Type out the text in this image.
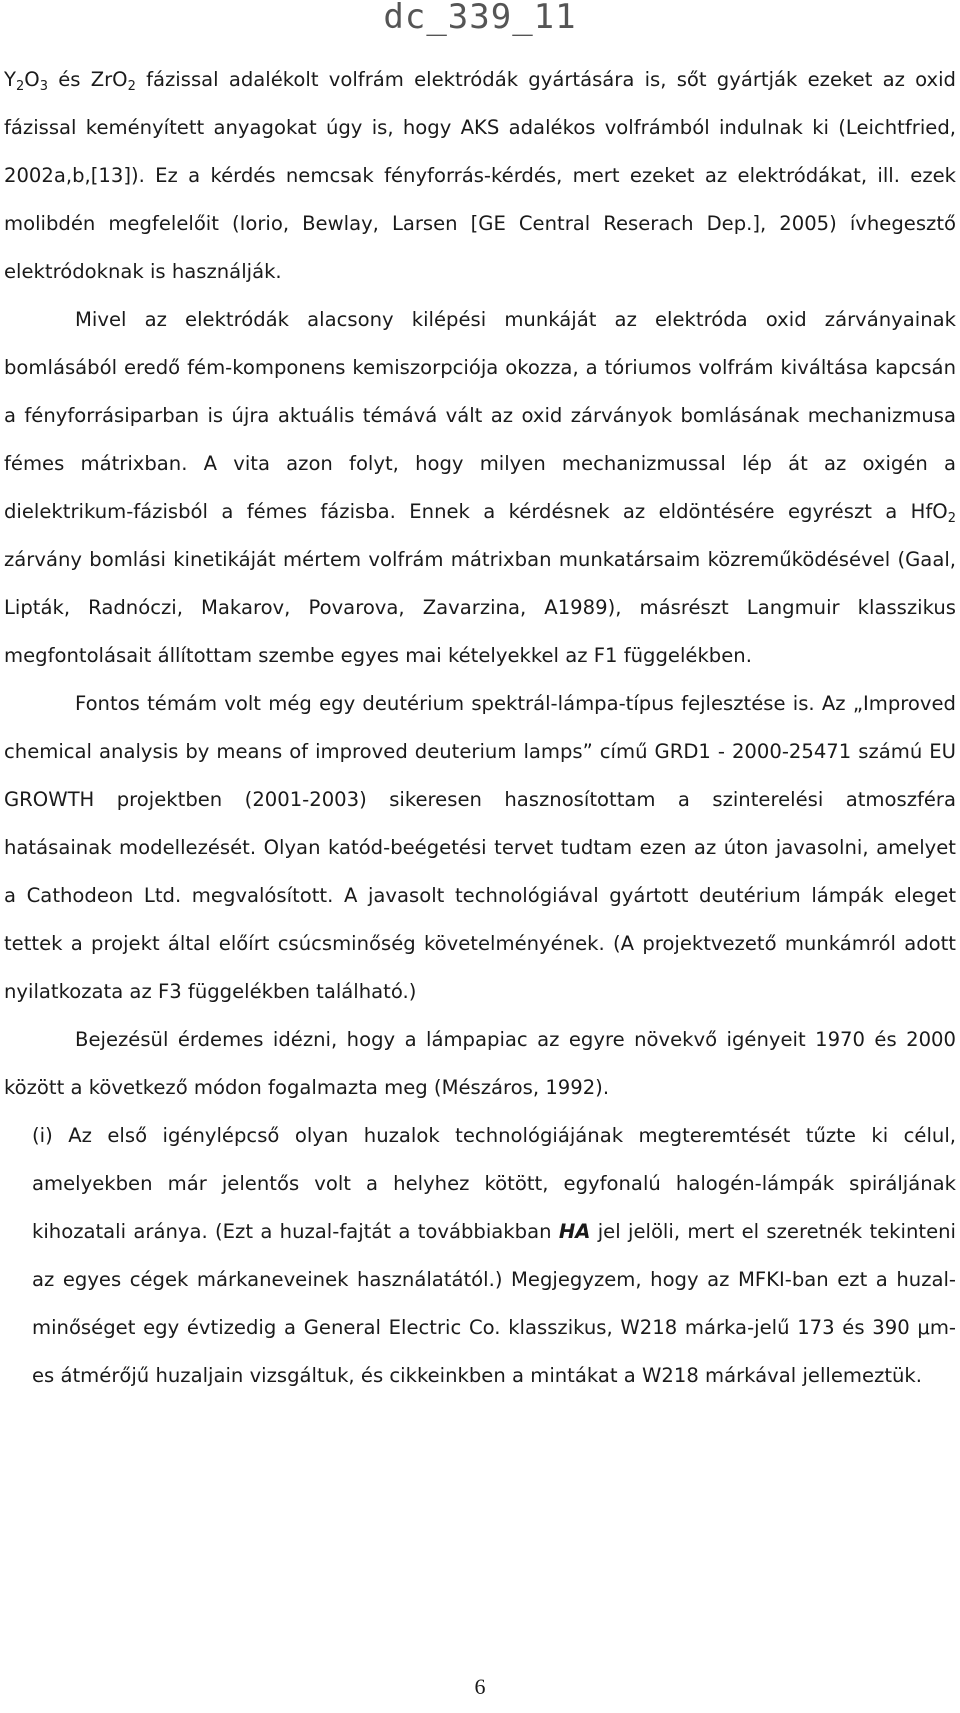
dc_339_11

$Y_2O_3$ és ZrO$_2$ fázissal adalékolt volfrám elektródák gyártására is, sőt gyártják ezeket az oxid fázissal keményített anyagokat úgy is, hogy AKS adalékos volfrámból indulnak ki (Leichtfried, 2002a,b,[13]). Ez a kérdés nemcsak fényforrás-kérdés, mert ezeket az elektródákat, ill. ezek molibdén megfelelőit (Iorio, Bewlay, Larsen [GE Central Reserach Dep.], 2005) ívhegesztő elektródoknak is használják.

Mivel az elektródák alacsony kilépési munkáját az elektróda oxid zárványainak bomlásából eredő fém-komponens kemiszorpciója okozza, a tóriumos volfrám kiváltása kapcsán a fényforrásiparban is újra aktuális témává vált az oxid zárványok bomlásának mechanizmusa fémes mátrixban. A vita azon folyt, hogy milyen mechanizmussal lép át az oxigén a dielektrikum-fázisból a fémes fázisba. Ennek a kérdésnek az eldöntésére egyrészt a HfO$_2$ zárvány bomlási kinetikáját mértem volfrám mátrixban munkatársaim közreműködésével (Gaal, Lipták, Radnóczi, Makarov, Povarova, Zavarzina, A1989), másrészt Langmuir klasszikus megfontolásait állítottam szembe egyes mai kételyekkel az F1 függelékben.

Fontos témám volt még egy deutérium spektrál-lámpa-típus fejlesztése is. Az „Improved chemical analysis by means of improved deuterium lamps” című GRD1 - 2000-25471 számú EU GROWTH projektben (2001-2003) sikeresen hasznosítottam a szinterelési atmoszféra hatásainak modellezését. Olyan katód-beégetési tervet tudtam ezen az úton javasolni, amelyet a Cathodeon Ltd. megvalósított. A javasolt technológiával gyártott deutérium lámpák eleget tettek a projekt által előírt csúcsminőség követelményének. (A projektvezető munkámról adott nyilatkozata az F3 függelékben található.)

Bejezésül érdemes idézni, hogy a lámpapiac az egyre növekvő igényeit 1970 és 2000 között a következő módon fogalmazta meg (Mészáros, 1992).

(i) Az első igénylépcső olyan huzalok technológiájának megteremtését tűzte ki célul, amelyekben már jelentős volt a helyhez kötött, egyfonalú halogén-lámpák spiráljának kihozatali aránya. (Ezt a huzal-fajtát a továbbiakban HA jel jelöli, mert el szeretnék tekinteni az egyes cégek márkaneveinek használatától.) Megjegyzem, hogy az MFKI-ban ezt a huzal-minőséget egy évtizedig a General Electric Co. klasszikus, W218 márka-jelű 173 és 390 μm-es átmérőjű huzaljain vizsgáltuk, és cikkeinkben a mintákat a W218 márkával jellemeztük.

6
